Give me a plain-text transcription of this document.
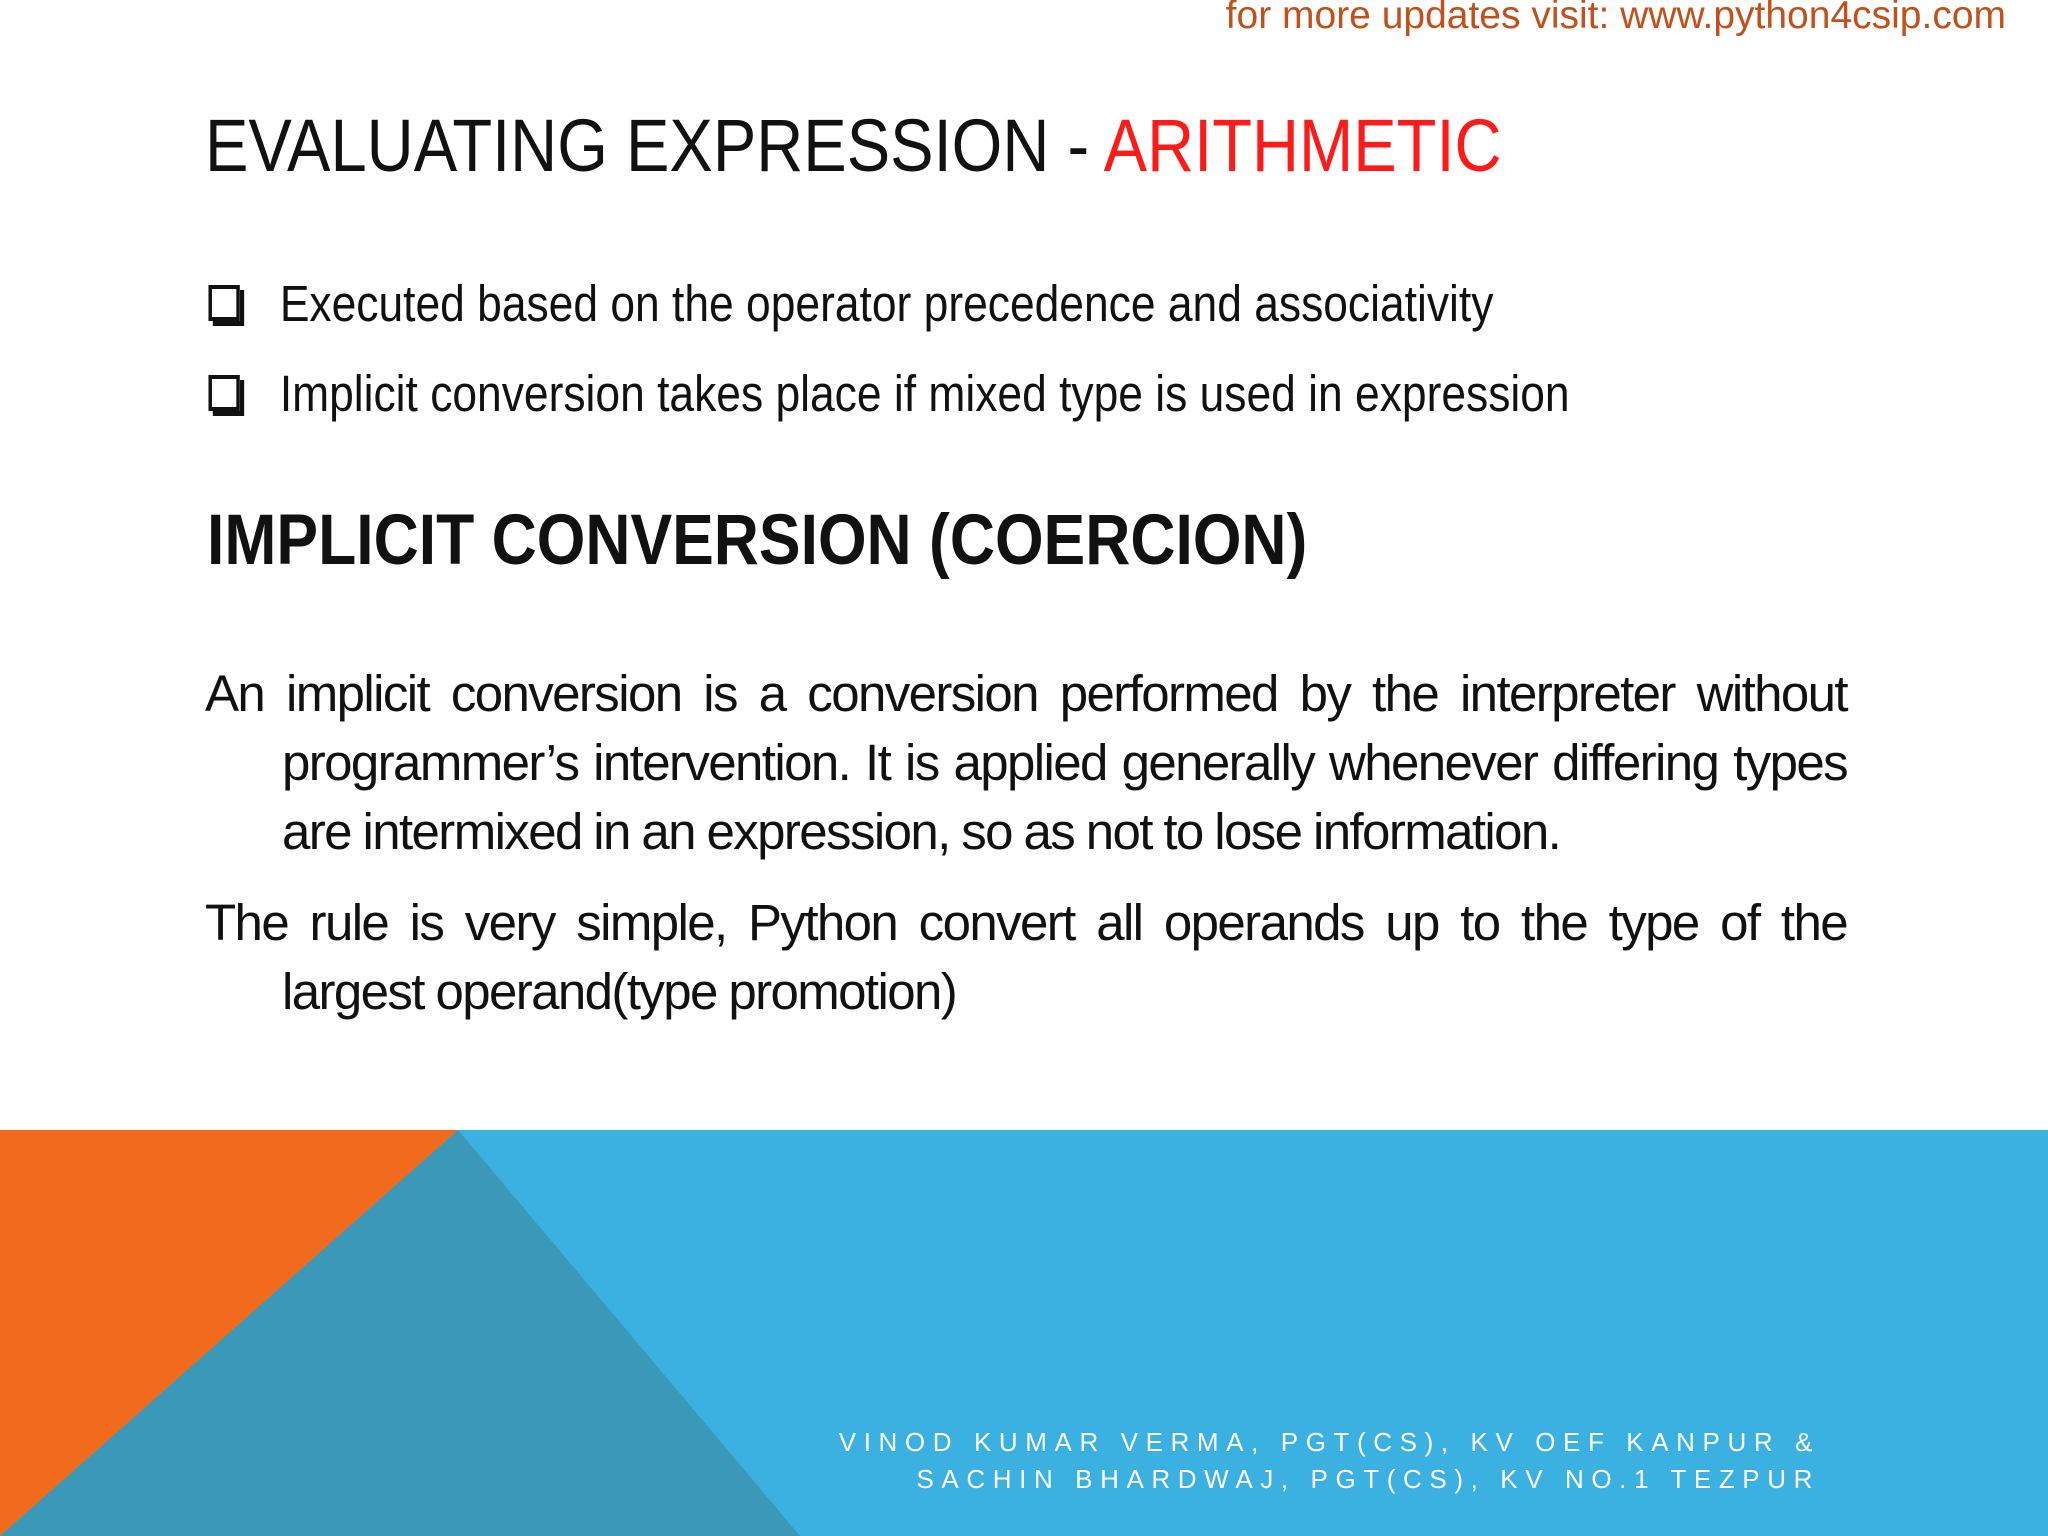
for more updates visit: www.python4csip.com
EVALUATING EXPRESSION - ARITHMETIC
Executed based on the operator precedence and associativity
Implicit conversion takes place if mixed type is used in expression
IMPLICIT CONVERSION (COERCION)

An implicit conversion is a conversion performed by the interpreter without programmer’s intervention. It is applied generally whenever differing types are intermixed in an expression, so as not to lose information.

The rule is very simple, Python convert all operands up to the type of the largest operand(type promotion)

VINOD KUMAR VERMA, PGT(CS), KV OEF KANPUR &
SACHIN BHARDWAJ, PGT(CS), KV NO.1 TEZPUR
